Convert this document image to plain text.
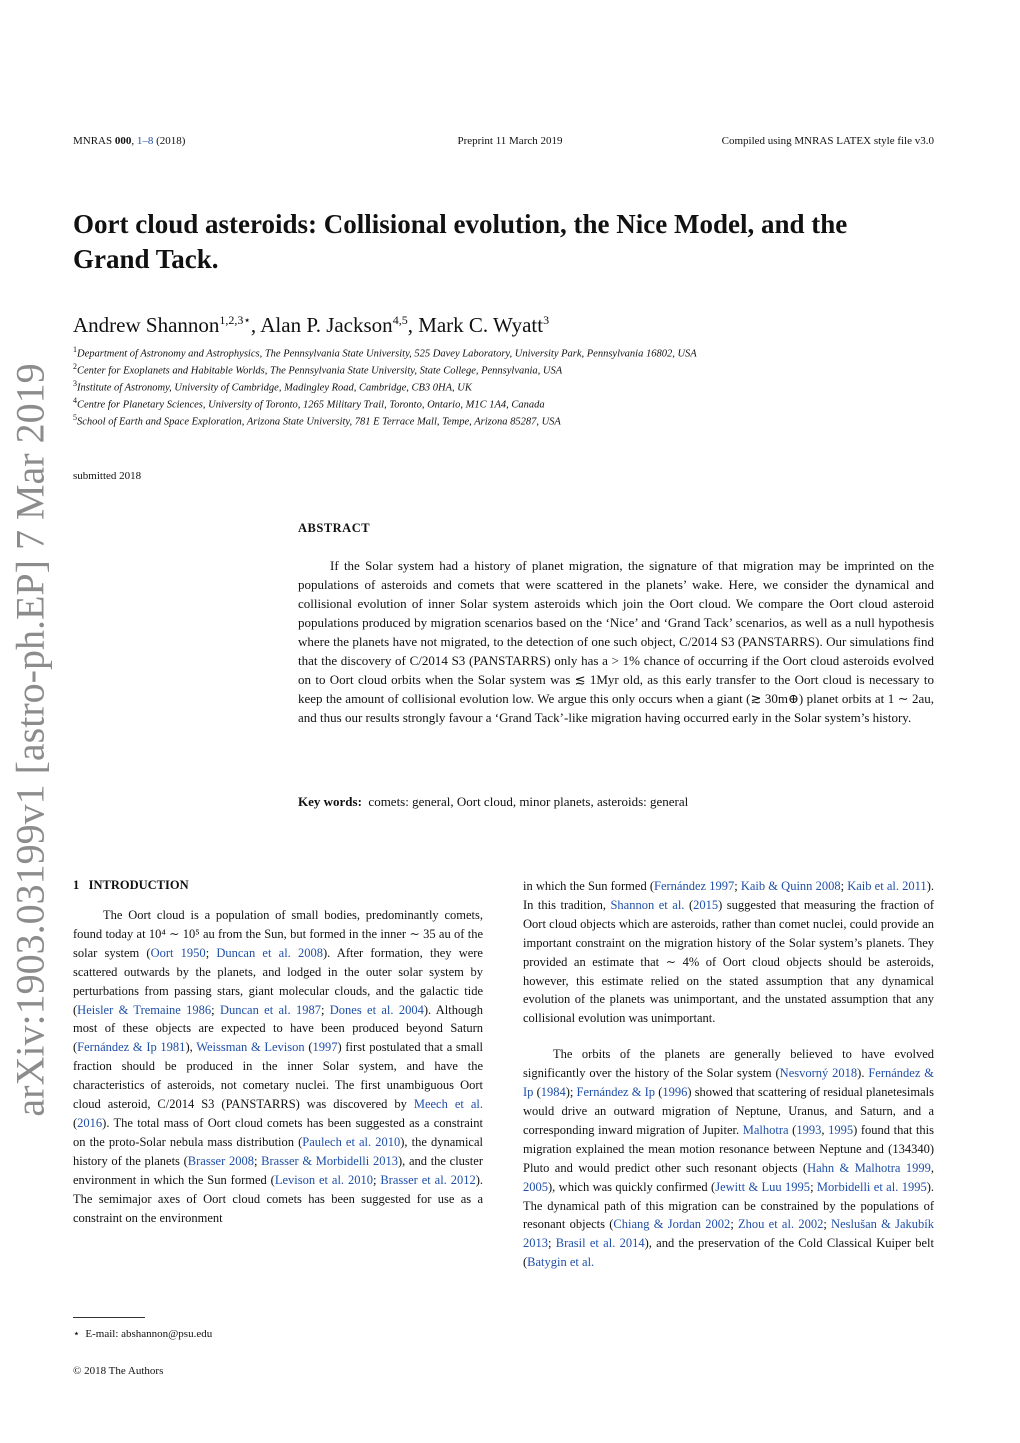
MNRAS 000, 1–8 (2018)	Preprint 11 March 2019	Compiled using MNRAS LATEX style file v3.0
arXiv:1903.03199v1 [astro-ph.EP] 7 Mar 2019
Oort cloud asteroids: Collisional evolution, the Nice Model, and the
Grand Tack.
Andrew Shannon$^{1,2,3⋆}$, Alan P. Jackson$^{4,5}$, Mark C. Wyatt$^3$
$^1$Department of Astronomy and Astrophysics, The Pennsylvania State University, 525 Davey Laboratory, University Park, Pennsylvania 16802, USA
$^2$Center for Exoplanets and Habitable Worlds, The Pennsylvania State University, State College, Pennsylvania, USA
$^3$Institute of Astronomy, University of Cambridge, Madingley Road, Cambridge, CB3 0HA, UK
$^4$Centre for Planetary Sciences, University of Toronto, 1265 Military Trail, Toronto, Ontario, M1C 1A4, Canada
$^5$School of Earth and Space Exploration, Arizona State University, 781 E Terrace Mall, Tempe, Arizona 85287, USA
submitted 2018
ABSTRACT
If the Solar system had a history of planet migration, the signature of that migration may be imprinted on the populations of asteroids and comets that were scattered in the planets’ wake. Here, we consider the dynamical and collisional evolution of inner Solar system asteroids which join the Oort cloud. We compare the Oort cloud asteroid populations produced by migration scenarios based on the ‘Nice’ and ‘Grand Tack’ scenarios, as well as a null hypothesis where the planets have not migrated, to the detection of one such object, C/2014 S3 (PANSTARRS). Our simulations find that the discovery of C/2014 S3 (PANSTARRS) only has a > 1% chance of occurring if the Oort cloud asteroids evolved on to Oort cloud orbits when the Solar system was ≲ 1Myr old, as this early transfer to the Oort cloud is necessary to keep the amount of collisional evolution low. We argue this only occurs when a giant (≳ 30m⊕) planet orbits at 1 ∼ 2au, and thus our results strongly favour a ‘Grand Tack’-like migration having occurred early in the Solar system’s history.
Key words: comets: general, Oort cloud, minor planets, asteroids: general
1 INTRODUCTION

The Oort cloud is a population of small bodies, predominantly comets, found today at 10⁴ ∼ 10⁵ au from the Sun, but formed in the inner ∼ 35 au of the solar system (Oort 1950; Duncan et al. 2008). After formation, they were scattered outwards by the planets, and lodged in the outer solar system by perturbations from passing stars, giant molecular clouds, and the galactic tide (Heisler & Tremaine 1986; Duncan et al. 1987; Dones et al. 2004). Although most of these objects are expected to have been produced beyond Saturn (Fernández & Ip 1981), Weissman & Levison (1997) first postulated that a small fraction should be produced in the inner Solar system, and have the characteristics of asteroids, not cometary nuclei. The first unambiguous Oort cloud asteroid, C/2014 S3 (PANSTARRS) was discovered by Meech et al. (2016). The total mass of Oort cloud comets has been suggested as a constraint on the proto-Solar nebula mass distribution (Paulech et al. 2010), the dynamical history of the planets (Brasser 2008; Brasser & Morbidelli 2013), and the cluster environment in which the Sun formed (Levison et al. 2010; Brasser et al. 2012). The semimajor axes of Oort cloud comets has been suggested for use as a constraint on the environment

in which the Sun formed (Fernández 1997; Kaib & Quinn 2008; Kaib et al. 2011). In this tradition, Shannon et al. (2015) suggested that measuring the fraction of Oort cloud objects which are asteroids, rather than comet nuclei, could provide an important constraint on the migration history of the Solar system’s planets. They provided an estimate that ∼ 4% of Oort cloud objects should be asteroids, however, this estimate relied on the stated assumption that any dynamical evolution of the planets was unimportant, and the unstated assumption that any collisional evolution was unimportant.

The orbits of the planets are generally believed to have evolved significantly over the history of the Solar system (Nesvorný 2018). Fernández & Ip (1984); Fernández & Ip (1996) showed that scattering of residual planetesimals would drive an outward migration of Neptune, Uranus, and Saturn, and a corresponding inward migration of Jupiter. Malhotra (1993, 1995) found that this migration explained the mean motion resonance between Neptune and (134340) Pluto and would predict other such resonant objects (Hahn & Malhotra 1999, 2005), which was quickly confirmed (Jewitt & Luu 1995; Morbidelli et al. 1995). The dynamical path of this migration can be constrained by the populations of resonant objects (Chiang & Jordan 2002; Zhou et al. 2002; Neslušan & Jakubík 2013; Brasil et al. 2014), and the preservation of the Cold Classical Kuiper belt (Batygin et al.

⋆ E-mail: abshannon@psu.edu
© 2018 The Authors
